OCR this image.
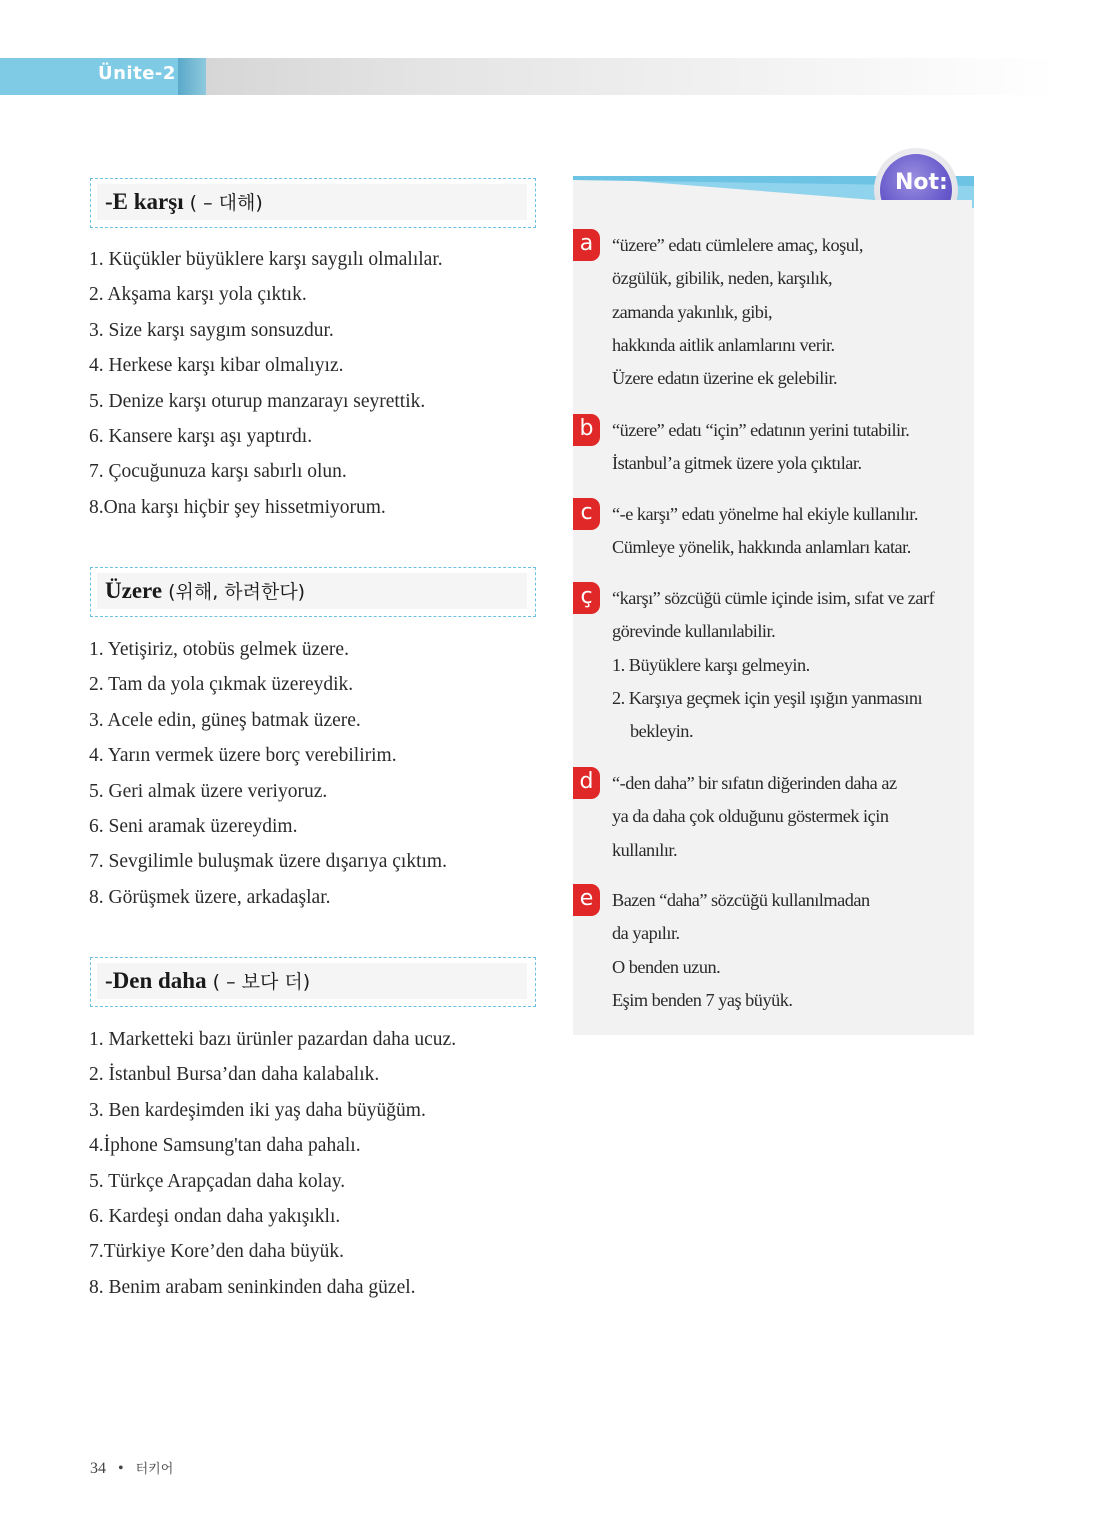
Ünite-2
-E karşı ( – 대해)
1. Küçükler büyüklere karşı saygılı olmalılar.
2. Akşama karşı yola çıktık.
3. Size karşı saygım sonsuzdur.
4. Herkese karşı kibar olmalıyız.
5. Denize karşı oturup manzarayı seyrettik.
6. Kansere karşı aşı yaptırdı.
7. Çocuğunuza karşı sabırlı olun.
8.Ona karşı hiçbir şey hissetmiyorum.
Üzere (위해, 하려한다)
1. Yetişiriz, otobüs gelmek üzere.
2. Tam da yola çıkmak üzereydik.
3. Acele edin, güneş batmak üzere.
4. Yarın vermek üzere borç verebilirim.
5. Geri almak üzere veriyoruz.
6. Seni aramak üzereydim.
7. Sevgilimle buluşmak üzere dışarıya çıktım.
8. Görüşmek üzere, arkadaşlar.
-Den daha ( – 보다 더)
1. Marketteki bazı ürünler pazardan daha ucuz.
2. İstanbul Bursa’dan daha kalabalık.
3. Ben kardeşimden iki yaş daha büyüğüm.
4.İphone Samsung'tan daha pahalı.
5. Türkçe Arapçadan daha kolay.
6. Kardeşi ondan daha yakışıklı.
7.Türkiye Kore’den daha büyük.
8. Benim arabam seninkinden daha güzel.
Not:
a	“üzere” edatı cümlelere amaç, koşul,
özgülük, gibilik, neden, karşılık,
zamanda yakınlık, gibi,
hakkında aitlik anlamlarını verir.
Üzere edatın üzerine ek gelebilir.
b	“üzere” edatı “için” edatının yerini tutabilir.
İstanbul’a gitmek üzere yola çıktılar.
c	“-e karşı” edatı yönelme hal ekiyle kullanılır.
Cümleye yönelik, hakkında anlamları katar.
ç	“karşı” sözcüğü cümle içinde isim, sıfat ve zarf
görevinde kullanılabilir.
1. Büyüklere karşı gelmeyin.
2. Karşıya geçmek için yeşil ışığın yanmasını
bekleyin.
d	“-den daha” bir sıfatın diğerinden daha az
ya da daha çok olduğunu göstermek için
kullanılır.
e	Bazen “daha” sözcüğü kullanılmadan
da yapılır.
O benden uzun.
Eşim benden 7 yaş büyük.
34 • 터키어
